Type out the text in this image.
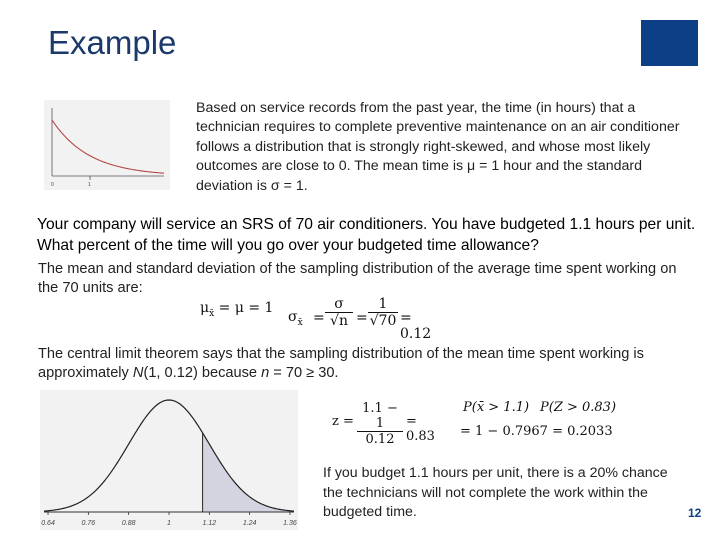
Example
0	1
Based on service records from the past year, the time (in hours) that a technician requires to complete preventive maintenance on an air conditioner follows a distribution that is strongly right-skewed, and whose most likely outcomes are close to 0. The mean time is μ = 1 hour and the standard deviation is σ = 1.
Your company will service an SRS of 70 air conditioners. You have budgeted 1.1 hours per unit. What percent of the time will you go over your budgeted time allowance?
The mean and standard deviation of the sampling distribution of the average time spent working on the 70 units are:
$\mu_{x̄} = \mu = 1$
$\sigma_{x̄} = \frac{\sigma}{√n} = \frac{1}{√70} = 0.12$
The central limit theorem says that the sampling distribution of the mean time spent working is approximately N(1, 0.12) because n = 70 ≥ 30.
0.64	0.76	0.88	1	1.12	1.24	1.36
$z = \frac{1.1 - 1}{0.12} = 0.83$
P(x̄ > 1.1) P(Z > 0.83)
= 1 − 0.7967 = 0.2033
If you budget 1.1 hours per unit, there is a 20% chance the technicians will not complete the work within the budgeted time.	12
